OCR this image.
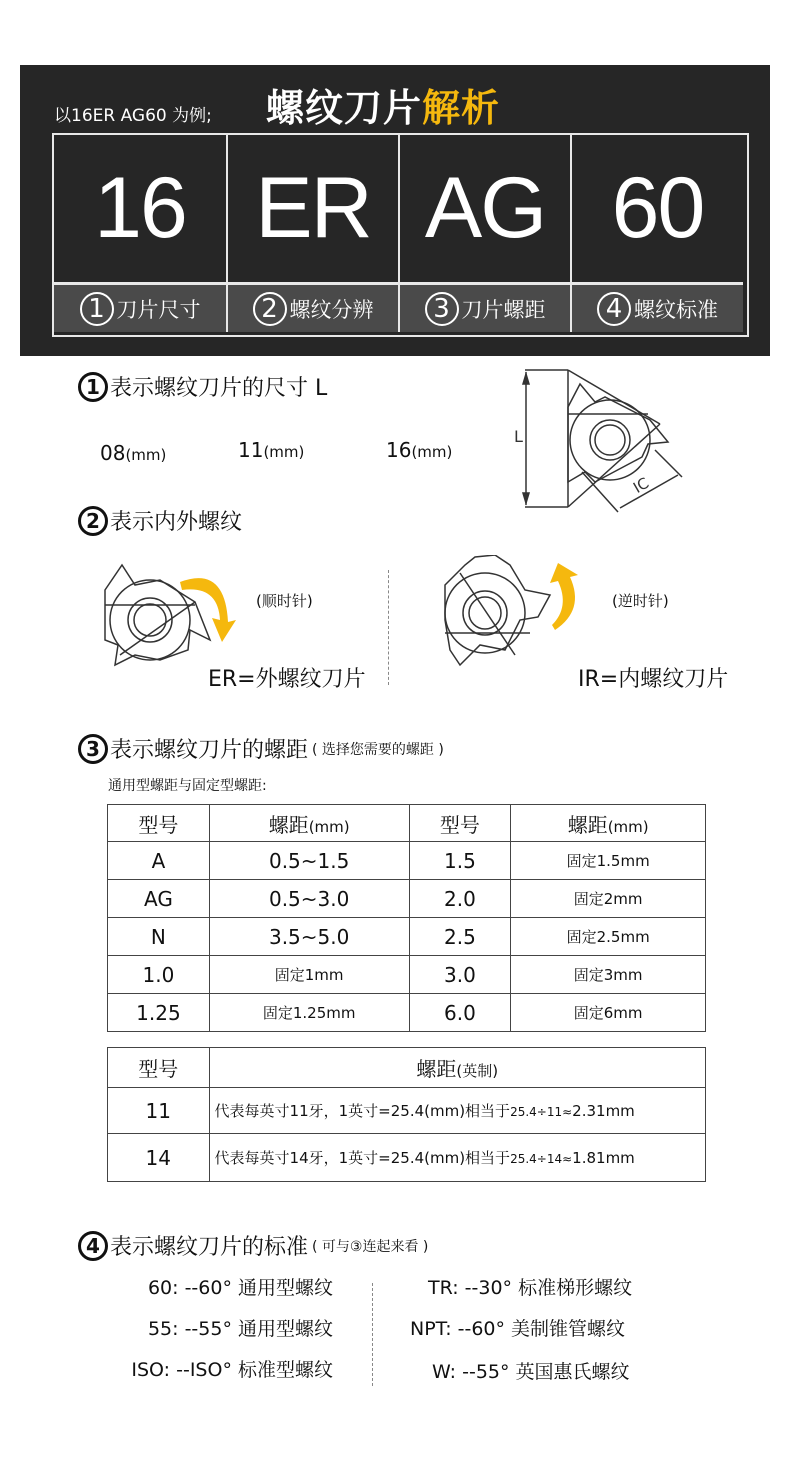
以16ER AG60 为例; 螺纹刀片解析
16 ER AG 60
1 刀片尺寸	2 螺纹分辨	3 刀片螺距	4 螺纹标准
1 表示螺纹刀片的尺寸 L
08(mm)	11(mm)	16(mm)
L
IC
2 表示内外螺纹
(顺时针)
ER=外螺纹刀片
(逆时针)
IR=内螺纹刀片
3 表示螺纹刀片的螺距 ( 选择您需要的螺距 )
通用型螺距与固定型螺距:
型号	螺距(mm)	型号	螺距(mm)
A	0.5~1.5	1.5	固定1.5mm
AG	0.5~3.0	2.0	固定2mm
N	3.5~5.0	2.5	固定2.5mm
1.0	固定1mm	3.0	固定3mm
1.25	固定1.25mm	6.0	固定6mm
型号	螺距(英制)
11	代表每英寸11牙，1英寸=25.4(mm)相当于25.4÷11≈2.31mm
14	代表每英寸14牙，1英寸=25.4(mm)相当于25.4÷14≈1.81mm
4 表示螺纹刀片的标准 ( 可与③连起来看 )
60: --60° 通用型螺纹
55: --55° 通用型螺纹
ISO: --ISO° 标准型螺纹
TR: --30° 标准梯形螺纹
NPT: --60° 美制锥管螺纹
W: --55° 英国惠氏螺纹
